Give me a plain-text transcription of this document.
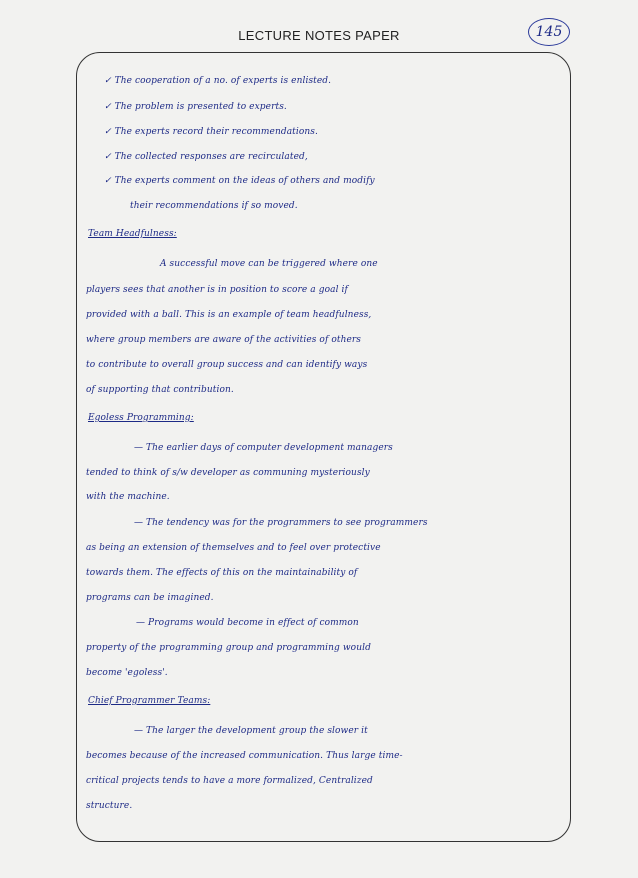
LECTURE NOTES PAPER	145
✓ The cooperation of a no. of experts is enlisted.
✓ The problem is presented to experts.
✓ The experts record their recommendations.
✓ The collected responses are recirculated,
✓ The experts comment on the ideas of others and modify
their recommendations if so moved.
Team Headfulness:
A successful move can be triggered where one
players sees that another is in position to score a goal if
provided with a ball. This is an example of team headfulness,
where group members are aware of the activities of others
to contribute to overall group success and can identify ways
of supporting that contribution.
Egoless Programming:
— The earlier days of computer development managers
tended to think of s/w developer as communing mysteriously
with the machine.
— The tendency was for the programmers to see programmers
as being an extension of themselves and to feel over protective
towards them. The effects of this on the maintainability of
programs can be imagined.
— Programs would become in effect of common
property of the programming group and programming would
become 'egoless'.
Chief Programmer Teams:
— The larger the development group the slower it
becomes because of the increased communication. Thus large time-
critical projects tends to have a more formalized, Centralized
structure.
